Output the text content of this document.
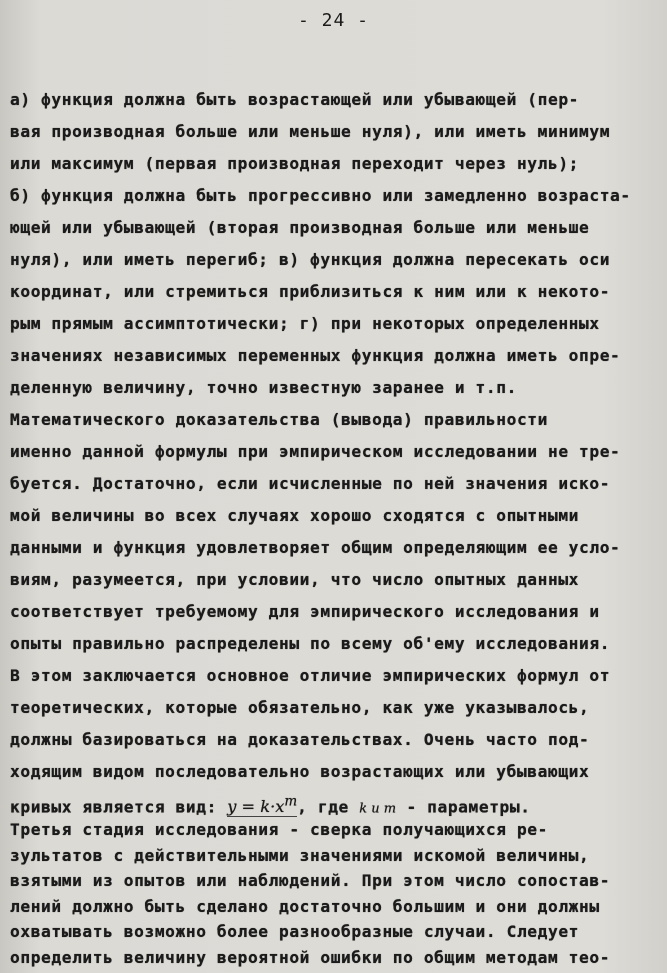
- 24 -
a) функция должна быть возрастающей или убывающей (пер-
вая производная больше или меньше нуля), или иметь минимум
или максимум (первая производная переходит через нуль);
б) функция должна быть прогрессивно или замедленно возраста-
ющей или убывающей (вторая производная больше или меньше
нуля), или иметь перегиб; в) функция должна пересекать оси
координат, или стремиться приблизиться к ним или к некото-
рым прямым ассимптотически; г) при некоторых определенных
значениях независимых переменных функция должна иметь опре-
деленную величину, точно известную заранее и т.п.
Математического доказательства (вывода) правильности
именно данной формулы при эмпирическом исследовании не тре-
буется. Достаточно, если исчисленные по ней значения иско-
мой величины во всех случаях хорошо сходятся с опытными
данными и функция удовлетворяет общим определяющим ее усло-
виям, разумеется, при условии, что число опытных данных
соответствует требуемому для эмпирического исследования и
опыты правильно распределены по всему об'ему исследования.
В этом заключается основное отличие эмпирических формул от
теоретических, которые обязательно, как уже указывалось,
должны базироваться на доказательствах. Очень часто под-
ходящим видом последовательно возрастающих или убывающих
кривых является вид: $y = k\cdot x^m$, где k и m - параметры.
Третья стадия исследования - сверка получающихся ре-
зультатов с действительными значениями искомой величины,
взятыми из опытов или наблюдений. При этом число сопостав-
лений должно быть сделано достаточно большим и они должны
охватывать возможно более разнообразные случаи. Следует
определить величину вероятной ошибки по общим методам тео-
